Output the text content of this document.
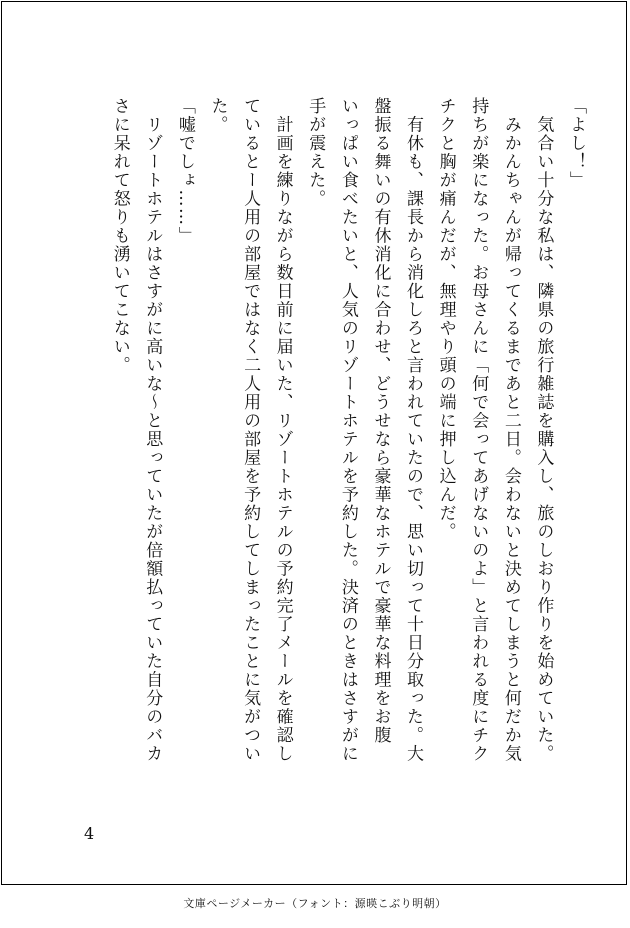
「よし！」

　気合い十分な私は、隣県の旅行雑誌を購入し、旅のしおり作りを始めていた。

　みかんちゃんが帰ってくるまであと二日。会わないと決めてしまうと何だか気

持ちが楽になった。お母さんに「何で会ってあげないのよ」と言われる度にチク

チクと胸が痛んだが、無理やり頭の端に押し込んだ。

　有休も、課長から消化しろと言われていたので、思い切って十日分取った。大

盤振る舞いの有休消化に合わせ、どうせなら豪華なホテルで豪華な料理をお腹

いっぱい食べたいと、人気のリゾートホテルを予約した。決済のときはさすがに

手が震えた。

　計画を練りながら数日前に届いた、リゾートホテルの予約完了メールを確認し

ているとー人用の部屋ではなく二人用の部屋を予約してしまったことに気がつい

た。

「嘘でしょ……」

　リゾートホテルはさすがに高いな〜と思っていたが倍額払っていた自分のバカ

さに呆れて怒りも湧いてこない。

4
文庫ページメーカー（フォント：源暎こぶり明朝）
